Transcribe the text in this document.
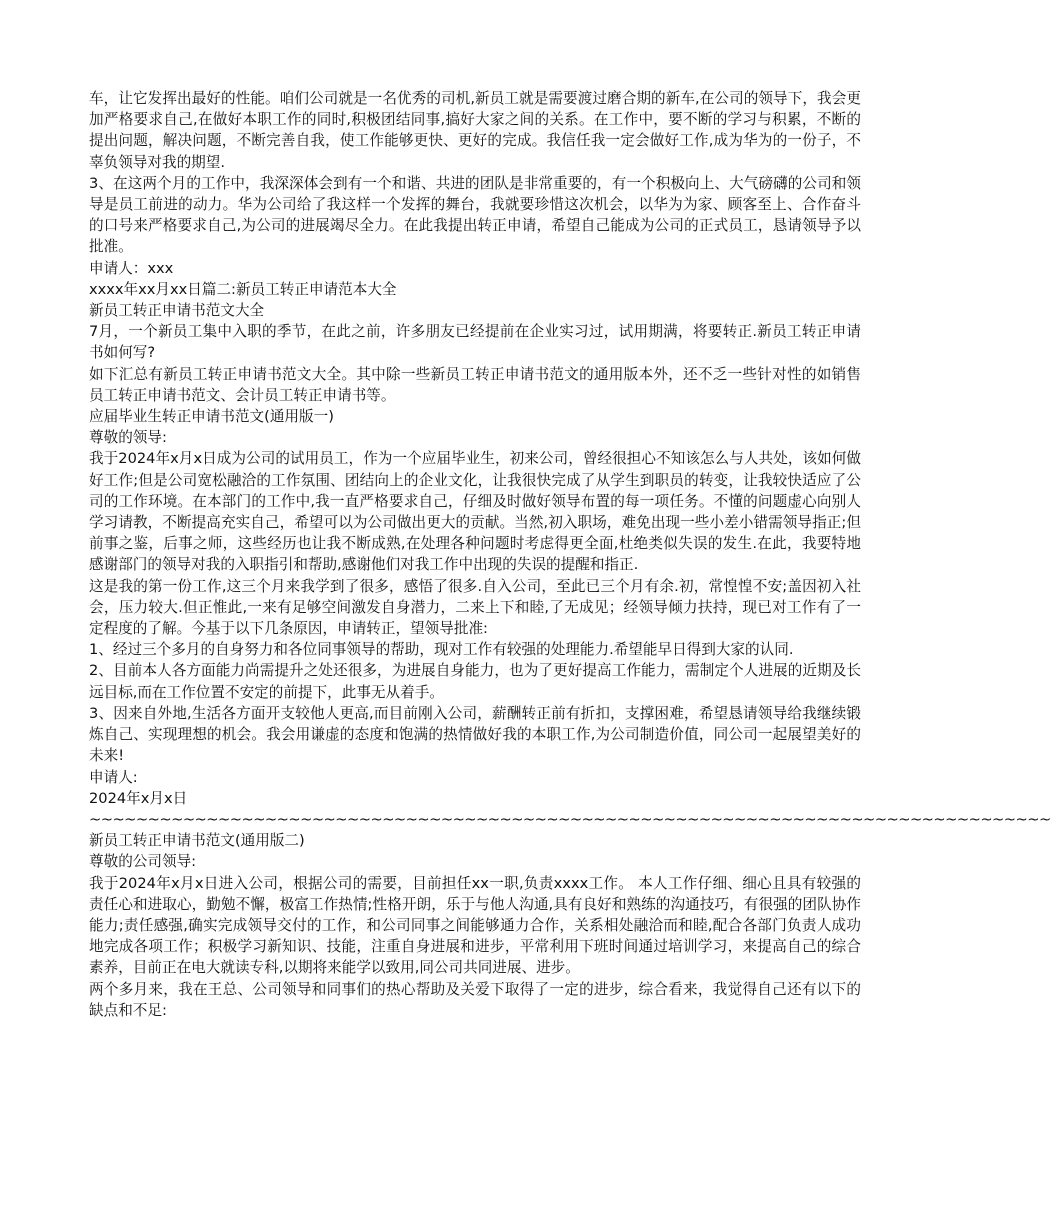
车，让它发挥出最好的性能。咱们公司就是一名优秀的司机,新员工就是需要渡过磨合期的新车,在公司的领导下，我会更加严格要求自己,在做好本职工作的同时,积极团结同事,搞好大家之间的关系。在工作中，要不断的学习与积累，不断的提出问题，解决问题，不断完善自我，使工作能够更快、更好的完成。我信任我一定会做好工作,成为华为的一份子，不辜负领导对我的期望.

3、在这两个月的工作中，我深深体会到有一个和谐、共进的团队是非常重要的，有一个积极向上、大气磅礴的公司和领导是员工前进的动力。华为公司给了我这样一个发挥的舞台，我就要珍惜这次机会，以华为为家、顾客至上、合作奋斗的口号来严格要求自己,为公司的进展竭尽全力。在此我提出转正申请，希望自己能成为公司的正式员工，恳请领导予以批准。

申请人：xxx

xxxx年xx月xx日篇二:新员工转正申请范本大全

新员工转正申请书范文大全

7月，一个新员工集中入职的季节，在此之前，许多朋友已经提前在企业实习过，试用期满，将要转正.新员工转正申请书如何写?

如下汇总有新员工转正申请书范文大全。其中除一些新员工转正申请书范文的通用版本外，还不乏一些针对性的如销售员工转正申请书范文、会计员工转正申请书等。

应届毕业生转正申请书范文(通用版一)

尊敬的领导:

我于2024年x月x日成为公司的试用员工，作为一个应届毕业生，初来公司，曾经很担心不知该怎么与人共处，该如何做好工作;但是公司宽松融洽的工作氛围、团结向上的企业文化，让我很快完成了从学生到职员的转变，让我较快适应了公司的工作环境。在本部门的工作中,我一直严格要求自己，仔细及时做好领导布置的每一项任务。不懂的问题虚心向别人学习请教，不断提高充实自己，希望可以为公司做出更大的贡献。当然,初入职场，难免出现一些小差小错需领导指正;但前事之鉴，后事之师，这些经历也让我不断成熟,在处理各种问题时考虑得更全面,杜绝类似失误的发生.在此，我要特地感谢部门的领导对我的入职指引和帮助,感谢他们对我工作中出现的失误的提醒和指正.

这是我的第一份工作,这三个月来我学到了很多，感悟了很多.自入公司，至此已三个月有余.初，常惶惶不安;盖因初入社会，压力较大.但正惟此,一来有足够空间激发自身潜力，二来上下和睦,了无成见；经领导倾力扶持，现已对工作有了一定程度的了解。今基于以下几条原因，申请转正，望领导批准:

1、经过三个多月的自身努力和各位同事领导的帮助，现对工作有较强的处理能力.希望能早日得到大家的认同.

2、目前本人各方面能力尚需提升之处还很多，为进展自身能力，也为了更好提高工作能力，需制定个人进展的近期及长远目标,而在工作位置不安定的前提下，此事无从着手。

3、因来自外地,生活各方面开支较他人更高,而目前刚入公司，薪酬转正前有折扣，支撑困难，希望恳请领导给我继续锻炼自己、实现理想的机会。我会用谦虚的态度和饱满的热情做好我的本职工作,为公司制造价值，同公司一起展望美好的未来!

申请人:

2024年x月x日

~~~~~~~~~~~~~~~~~~~~~~~~~~~~~~~~~~~~~~~~~~~~~~~~~~~~~~~~~~~~~~~~~~~~~~~~~~~~~~~~~~

新员工转正申请书范文(通用版二)

尊敬的公司领导:

我于2024年x月x日进入公司，根据公司的需要，目前担任xx一职,负责xxxx工作。 本人工作仔细、细心且具有较强的责任心和进取心，勤勉不懈，极富工作热情;性格开朗，乐于与他人沟通,具有良好和熟练的沟通技巧，有很强的团队协作能力;责任感强,确实完成领导交付的工作，和公司同事之间能够通力合作，关系相处融洽而和睦,配合各部门负责人成功地完成各项工作；积极学习新知识、技能，注重自身进展和进步，平常利用下班时间通过培训学习，来提高自己的综合素养，目前正在电大就读专科,以期将来能学以致用,同公司共同进展、进步。

两个多月来，我在王总、公司领导和同事们的热心帮助及关爱下取得了一定的进步，综合看来，我觉得自己还有以下的缺点和不足:
